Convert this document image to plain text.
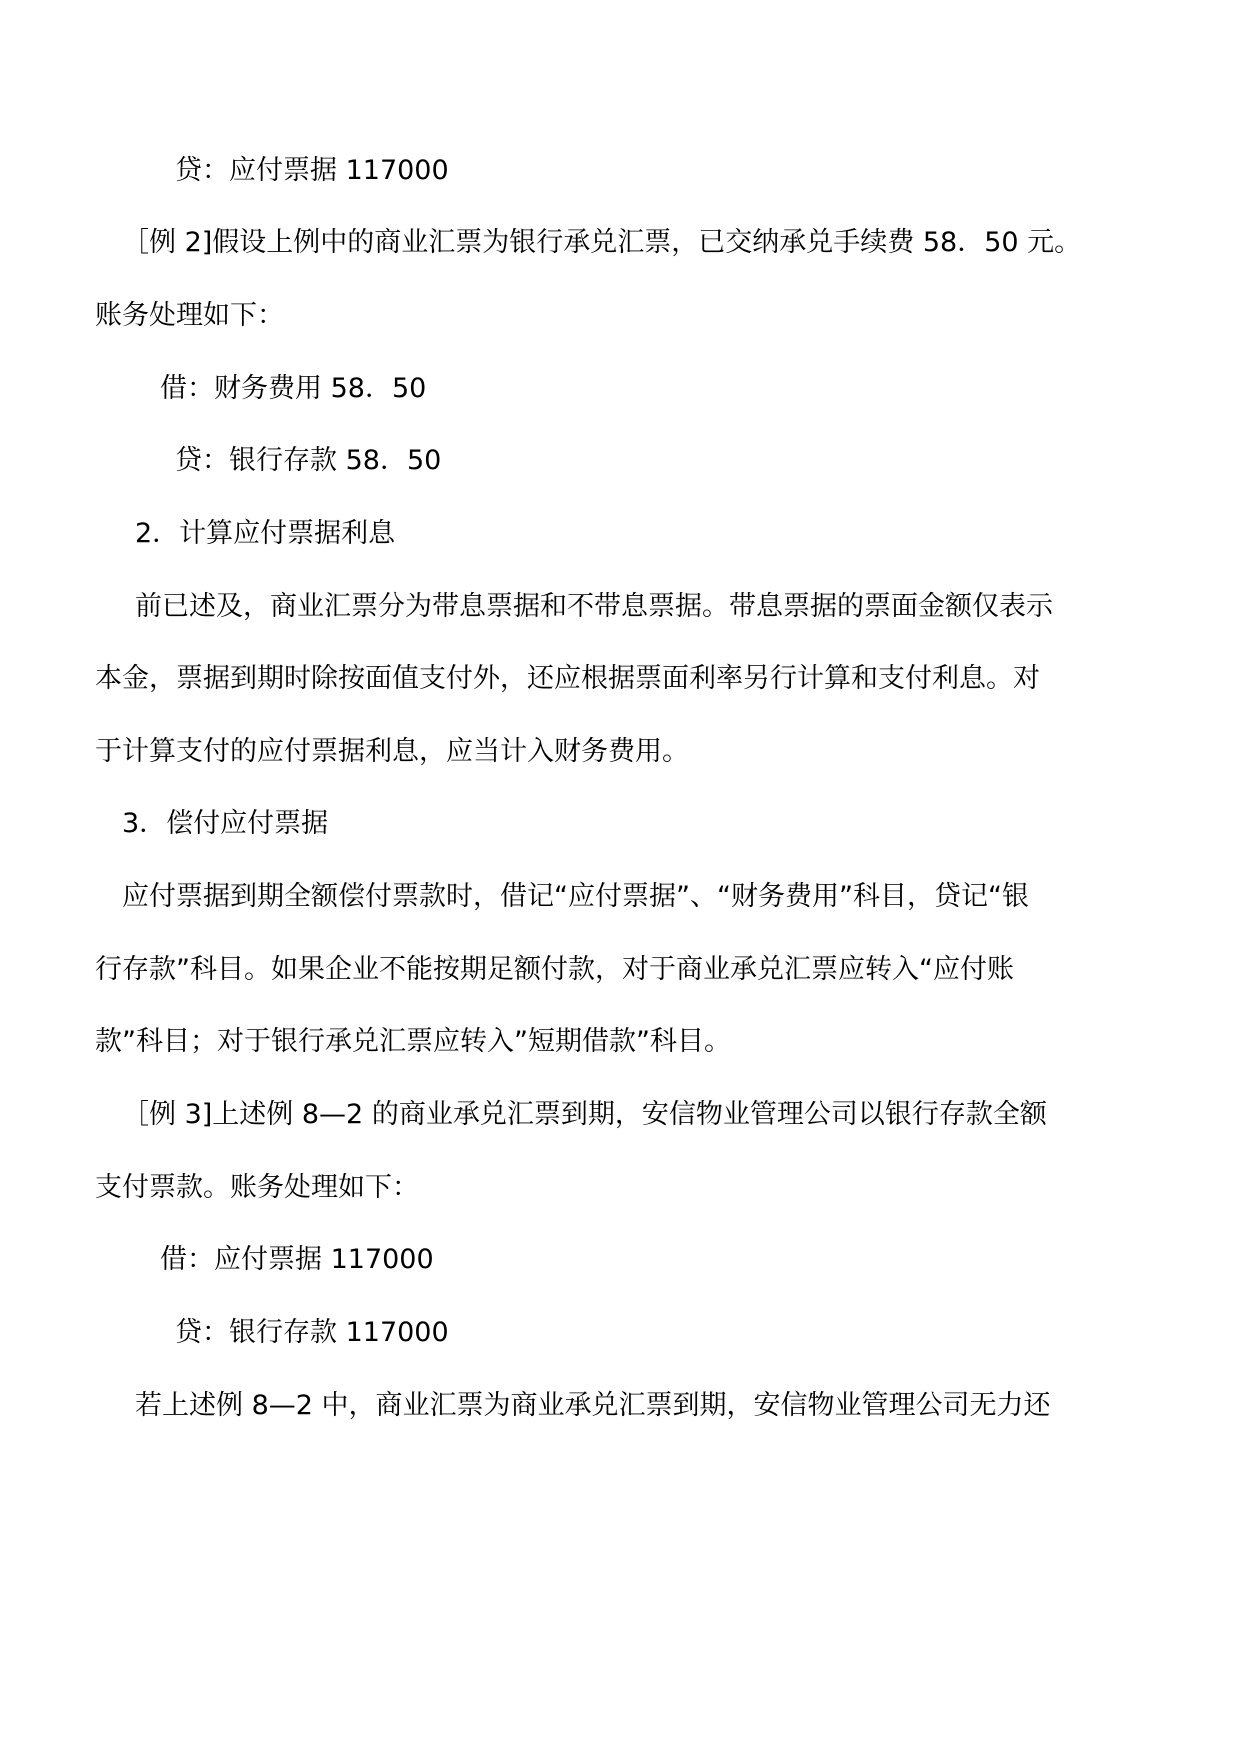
贷：应付票据 117000
［例 2]假设上例中的商业汇票为银行承兑汇票，已交纳承兑手续费 58．50 元。
账务处理如下：
借：财务费用 58．50
贷：银行存款 58．50
2．计算应付票据利息
前已述及，商业汇票分为带息票据和不带息票据。带息票据的票面金额仅表示
本金，票据到期时除按面值支付外，还应根据票面利率另行计算和支付利息。对
于计算支付的应付票据利息，应当计入财务费用。
3．偿付应付票据
应付票据到期全额偿付票款时，借记“应付票据”、“财务费用”科目，贷记“银
行存款”科目。如果企业不能按期足额付款，对于商业承兑汇票应转入“应付账
款”科目；对于银行承兑汇票应转入”短期借款”科目。
［例 3]上述例 8—2 的商业承兑汇票到期，安信物业管理公司以银行存款全额
支付票款。账务处理如下：
借：应付票据 117000
贷：银行存款 117000
若上述例 8—2 中，商业汇票为商业承兑汇票到期，安信物业管理公司无力还
